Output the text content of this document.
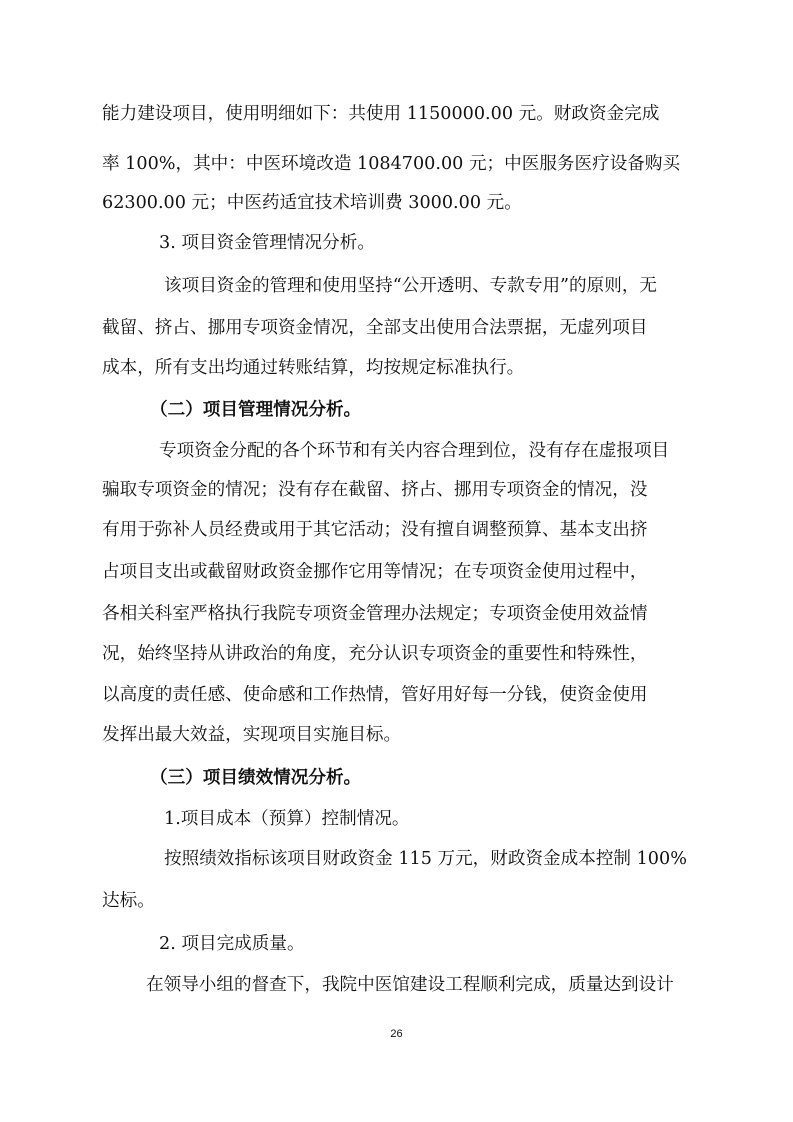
能力建设项目，使用明细如下：共使用 1150000.00 元。财政资金完成
率 100%，其中：中医环境改造 1084700.00 元；中医服务医疗设备购买
62300.00 元；中医药适宜技术培训费 3000.00 元。
3. 项目资金管理情况分析。
该项目资金的管理和使用坚持“公开透明、专款专用”的原则，无
截留、挤占、挪用专项资金情况，全部支出使用合法票据，无虚列项目
成本，所有支出均通过转账结算，均按规定标准执行。
（二）项目管理情况分析。
专项资金分配的各个环节和有关内容合理到位，没有存在虚报项目
骗取专项资金的情况；没有存在截留、挤占、挪用专项资金的情况，没
有用于弥补人员经费或用于其它活动；没有擅自调整预算、基本支出挤
占项目支出或截留财政资金挪作它用等情况；在专项资金使用过程中，
各相关科室严格执行我院专项资金管理办法规定；专项资金使用效益情
况，始终坚持从讲政治的角度，充分认识专项资金的重要性和特殊性，
以高度的责任感、使命感和工作热情，管好用好每一分钱，使资金使用
发挥出最大效益，实现项目实施目标。
（三）项目绩效情况分析。
1.项目成本（预算）控制情况。
按照绩效指标该项目财政资金 115 万元，财政资金成本控制 100%
达标。
2. 项目完成质量。
在领导小组的督查下，我院中医馆建设工程顺利完成，质量达到设计
26
